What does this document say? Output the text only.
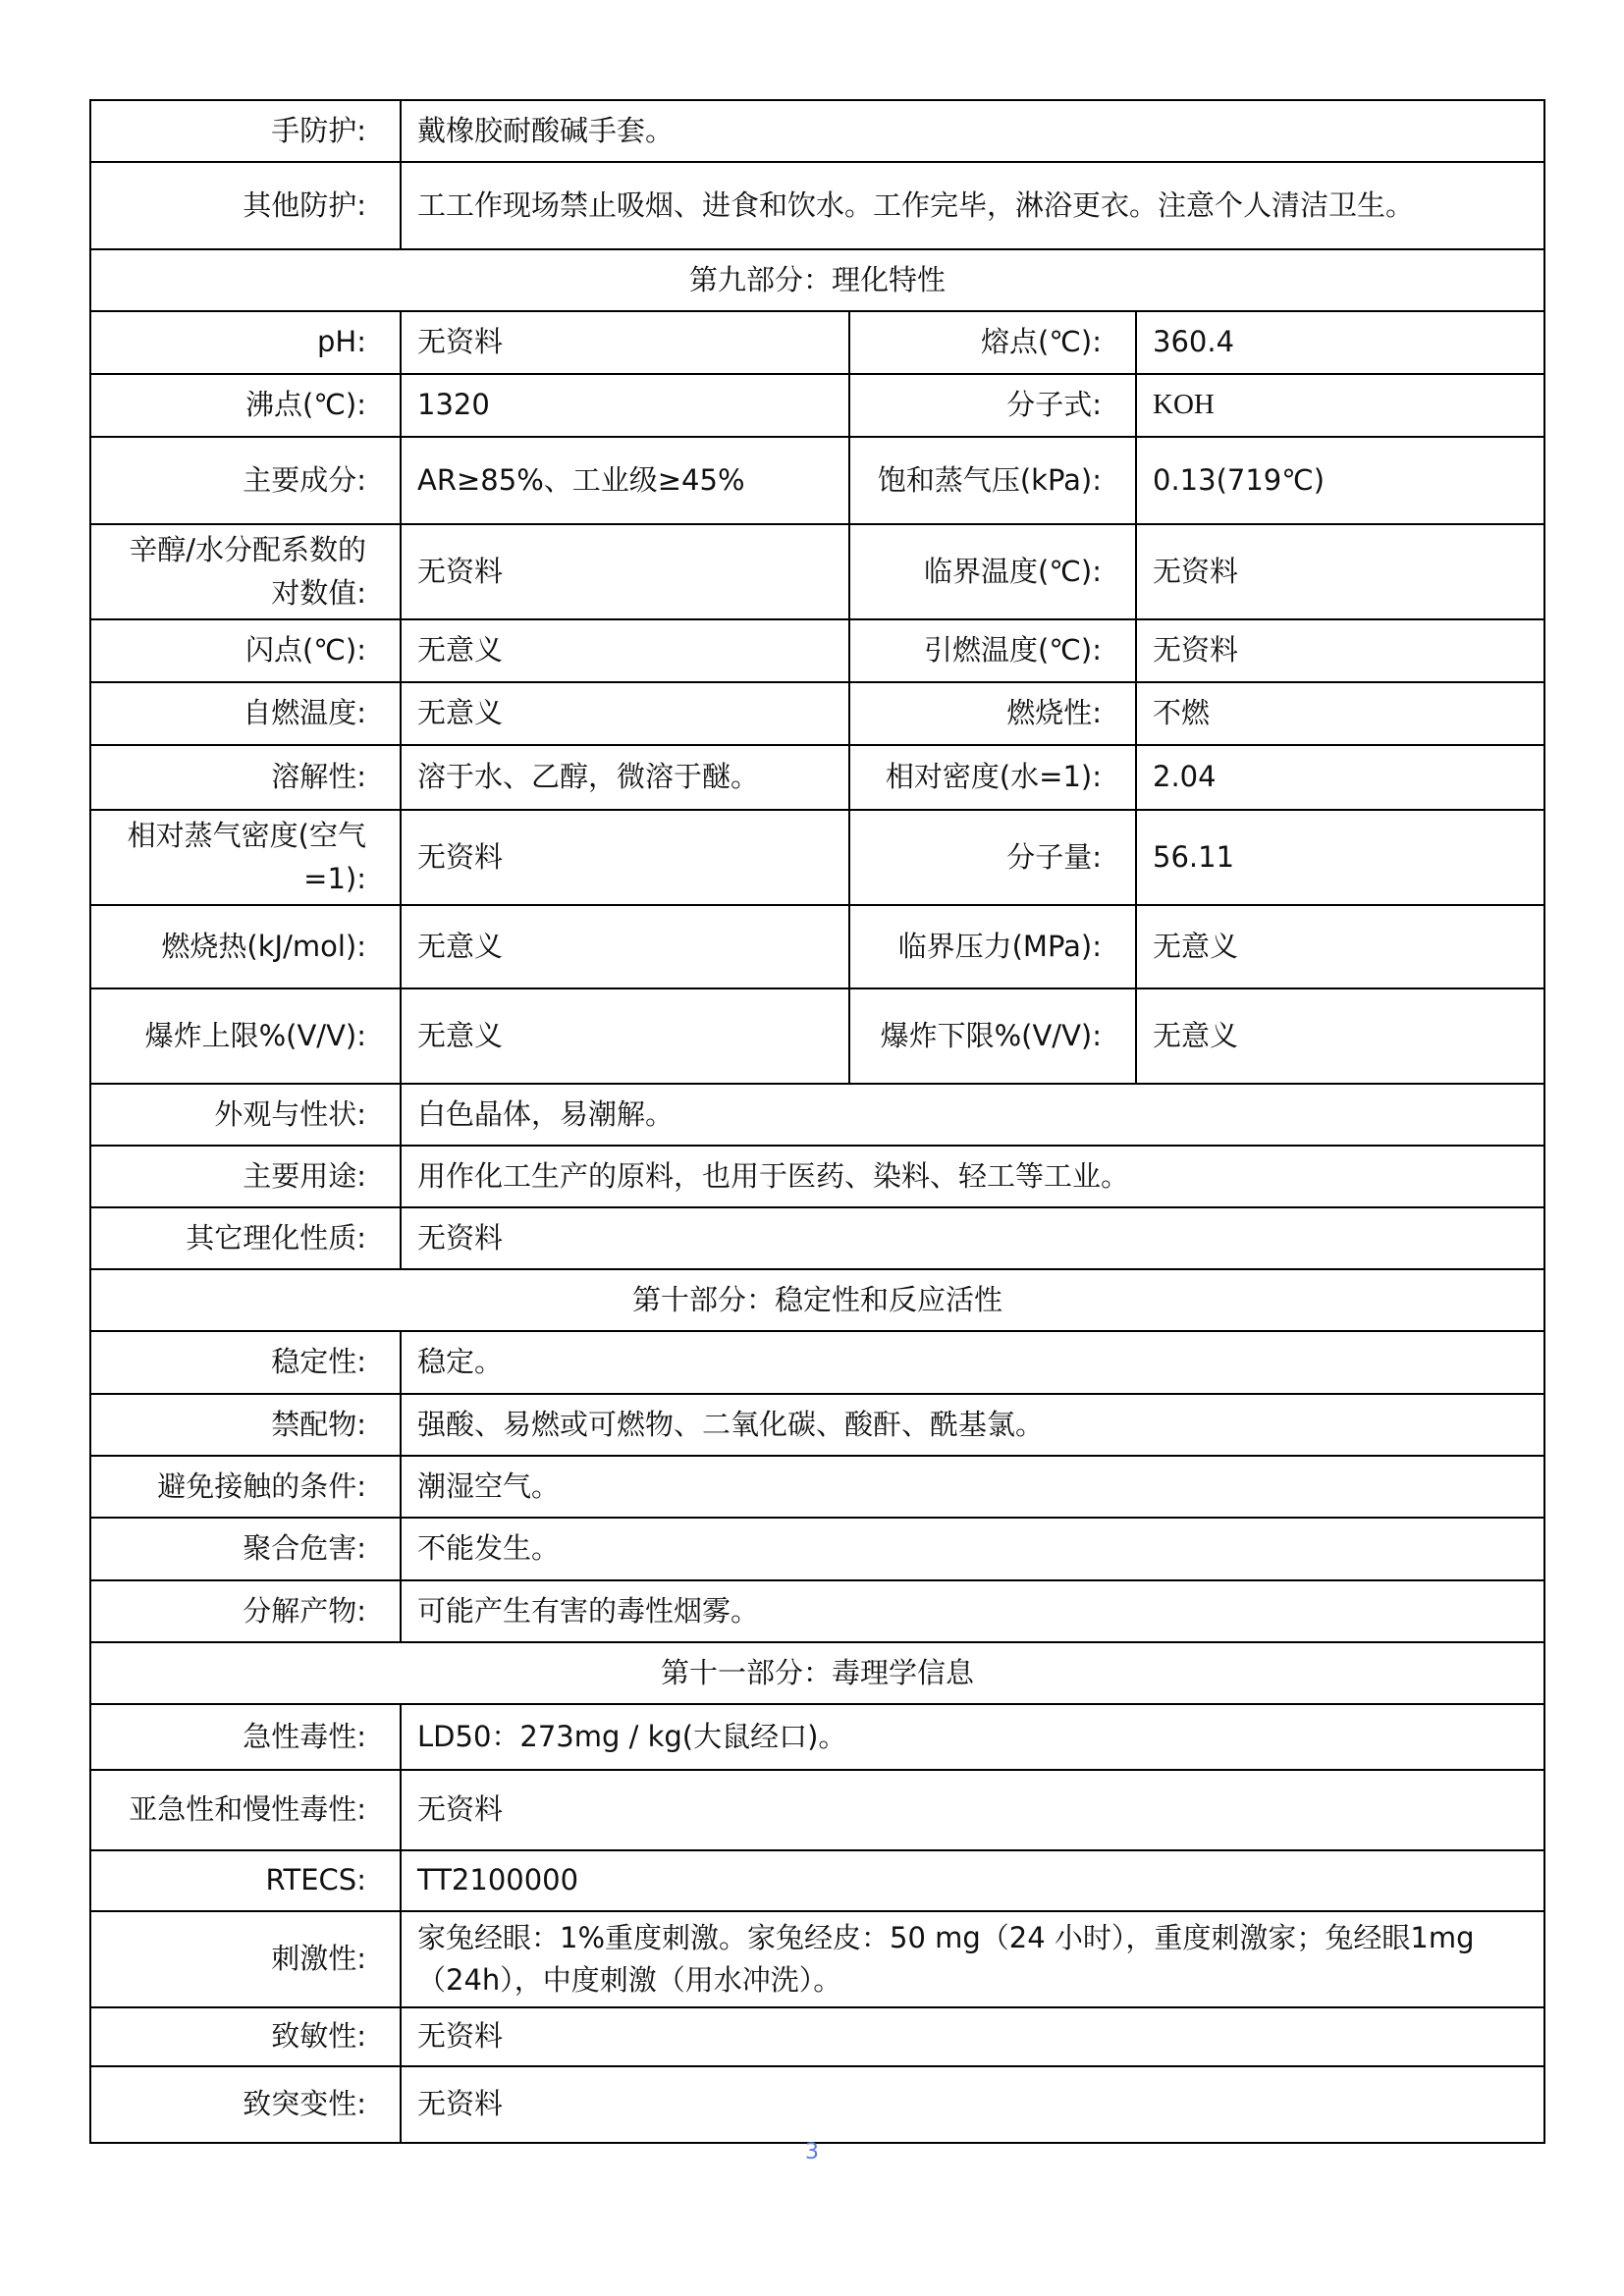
手防护:	戴橡胶耐酸碱手套。		
其他防护:	工工作现场禁止吸烟、进食和饮水。工作完毕，淋浴更衣。注意个人清洁卫生。		
第九部分：理化特性			
pH:	无资料	熔点(℃):	360.4
沸点(℃):	1320	分子式:	KOH
主要成分:	AR≥85%、工业级≥45%	饱和蒸气压(kPa):	0.13(719℃)
辛醇/水分配系数的对数值:	无资料	临界温度(℃):	无资料
闪点(℃):	无意义	引燃温度(℃):	无资料
自燃温度:	无意义	燃烧性:	不燃
溶解性:	溶于水、乙醇，微溶于醚。	相对密度(水=1):	2.04
相对蒸气密度(空气=1):	无资料	分子量:	56.11
燃烧热(kJ/mol):	无意义	临界压力(MPa):	无意义
爆炸上限%(V/V):	无意义	爆炸下限%(V/V):	无意义
外观与性状:	白色晶体，易潮解。		
主要用途:	用作化工生产的原料，也用于医药、染料、轻工等工业。		
其它理化性质:	无资料		
第十部分：稳定性和反应活性			
稳定性:	稳定。		
禁配物:	强酸、易燃或可燃物、二氧化碳、酸酐、酰基氯。		
避免接触的条件:	潮湿空气。		
聚合危害:	不能发生。		
分解产物:	可能产生有害的毒性烟雾。		
第十一部分：毒理学信息			
急性毒性:	LD50：273mg / kg(大鼠经口)。		
亚急性和慢性毒性:	无资料		
RTECS:	TT2100000		
刺激性:	家兔经眼：1%重度刺激。家兔经皮：50 mg（24 小时），重度刺激家；兔经眼1mg（24h），中度刺激（用水冲洗）。		
致敏性:	无资料		
致突变性:	无资料		
3
